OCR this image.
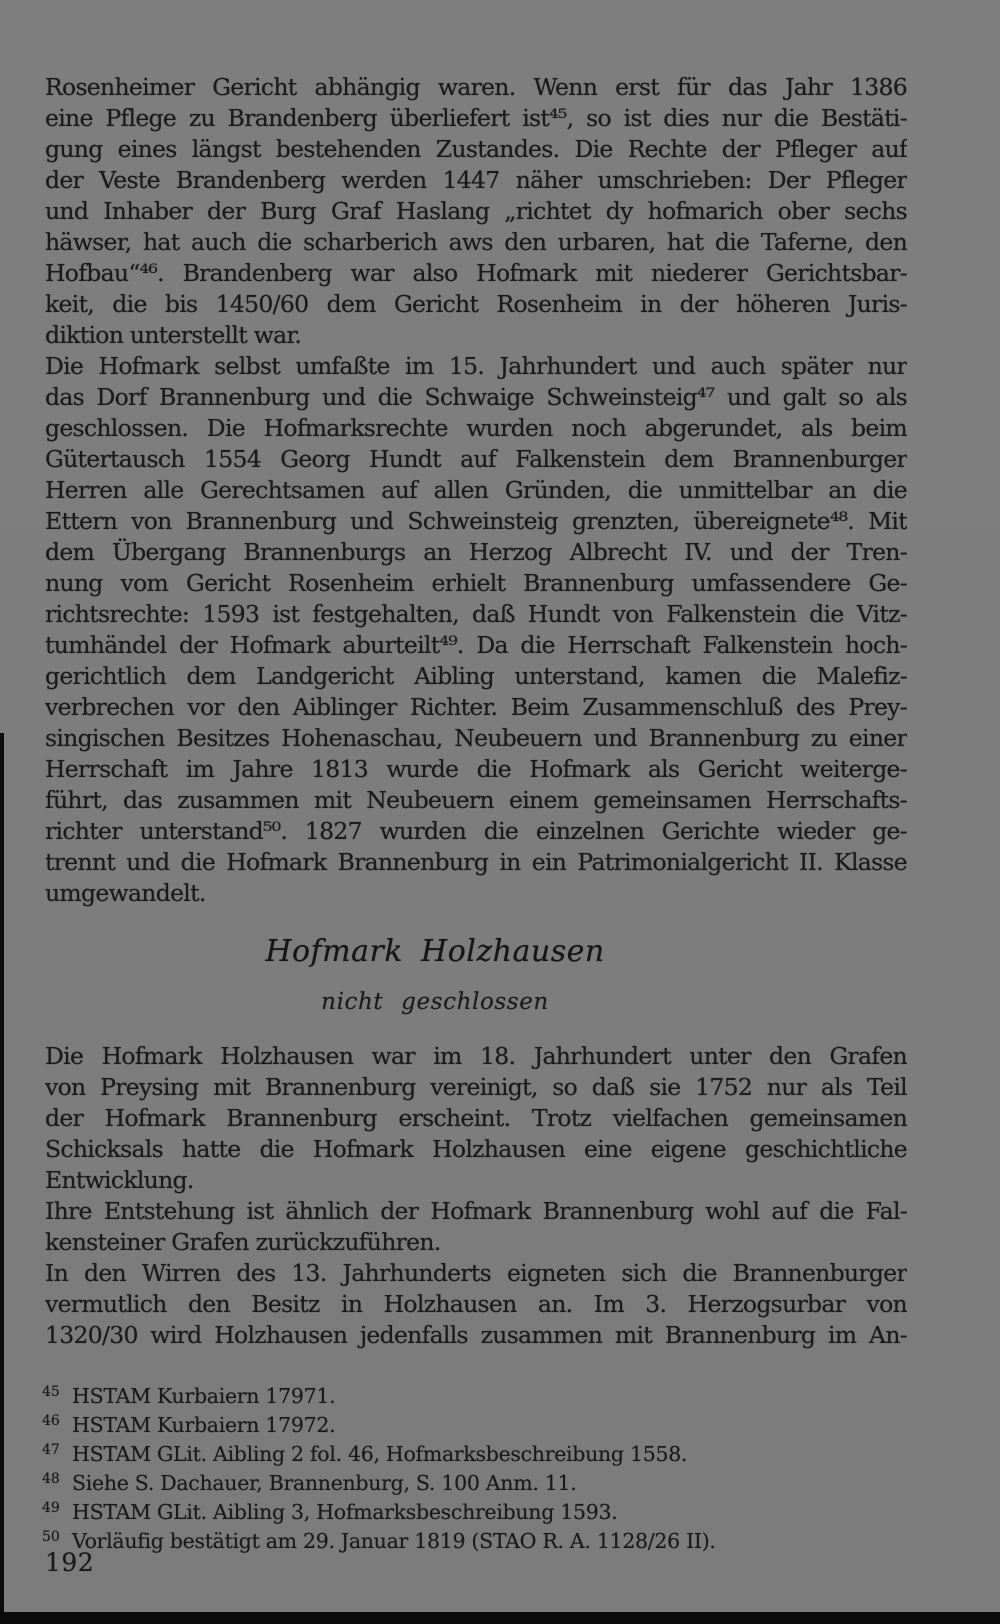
Rosenheimer Gericht abhängig waren. Wenn erst für das Jahr 1386
eine Pflege zu Brandenberg überliefert ist⁴⁵, so ist dies nur die Bestäti-
gung eines längst bestehenden Zustandes. Die Rechte der Pfleger auf
der Veste Brandenberg werden 1447 näher umschrieben: Der Pfleger
und Inhaber der Burg Graf Haslang „richtet dy hofmarich ober sechs
häwser, hat auch die scharberich aws den urbaren, hat die Taferne, den
Hofbau“⁴⁶. Brandenberg war also Hofmark mit niederer Gerichtsbar-
keit, die bis 1450/60 dem Gericht Rosenheim in der höheren Juris-
diktion unterstellt war.
Die Hofmark selbst umfaßte im 15. Jahrhundert und auch später nur
das Dorf Brannenburg und die Schwaige Schweinsteig⁴⁷ und galt so als
geschlossen. Die Hofmarksrechte wurden noch abgerundet, als beim
Gütertausch 1554 Georg Hundt auf Falkenstein dem Brannenburger
Herren alle Gerechtsamen auf allen Gründen, die unmittelbar an die
Ettern von Brannenburg und Schweinsteig grenzten, übereignete⁴⁸. Mit
dem Übergang Brannenburgs an Herzog Albrecht IV. und der Tren-
nung vom Gericht Rosenheim erhielt Brannenburg umfassendere Ge-
richtsrechte: 1593 ist festgehalten, daß Hundt von Falkenstein die Vitz-
tumhändel der Hofmark aburteilt⁴⁹. Da die Herrschaft Falkenstein hoch-
gerichtlich dem Landgericht Aibling unterstand, kamen die Malefiz-
verbrechen vor den Aiblinger Richter. Beim Zusammenschluß des Prey-
singischen Besitzes Hohenaschau, Neubeuern und Brannenburg zu einer
Herrschaft im Jahre 1813 wurde die Hofmark als Gericht weiterge-
führt, das zusammen mit Neubeuern einem gemeinsamen Herrschafts-
richter unterstand⁵⁰. 1827 wurden die einzelnen Gerichte wieder ge-
trennt und die Hofmark Brannenburg in ein Patrimonialgericht II. Klasse
umgewandelt.
Hofmark Holzhausen
nicht geschlossen
Die Hofmark Holzhausen war im 18. Jahrhundert unter den Grafen
von Preysing mit Brannenburg vereinigt, so daß sie 1752 nur als Teil
der Hofmark Brannenburg erscheint. Trotz vielfachen gemeinsamen
Schicksals hatte die Hofmark Holzhausen eine eigene geschichtliche
Entwicklung.
Ihre Entstehung ist ähnlich der Hofmark Brannenburg wohl auf die Fal-
kensteiner Grafen zurückzuführen.
In den Wirren des 13. Jahrhunderts eigneten sich die Brannenburger
vermutlich den Besitz in Holzhausen an. Im 3. Herzogsurbar von
1320/30 wird Holzhausen jedenfalls zusammen mit Brannenburg im An-
45 HSTAM Kurbaiern 17971.
46 HSTAM Kurbaiern 17972.
47 HSTAM GLit. Aibling 2 fol. 46, Hofmarksbeschreibung 1558.
48 Siehe S. Dachauer, Brannenburg, S. 100 Anm. 11.
49 HSTAM GLit. Aibling 3, Hofmarksbeschreibung 1593.
50 Vorläufig bestätigt am 29. Januar 1819 (STAO R. A. 1128/26 II).
192
